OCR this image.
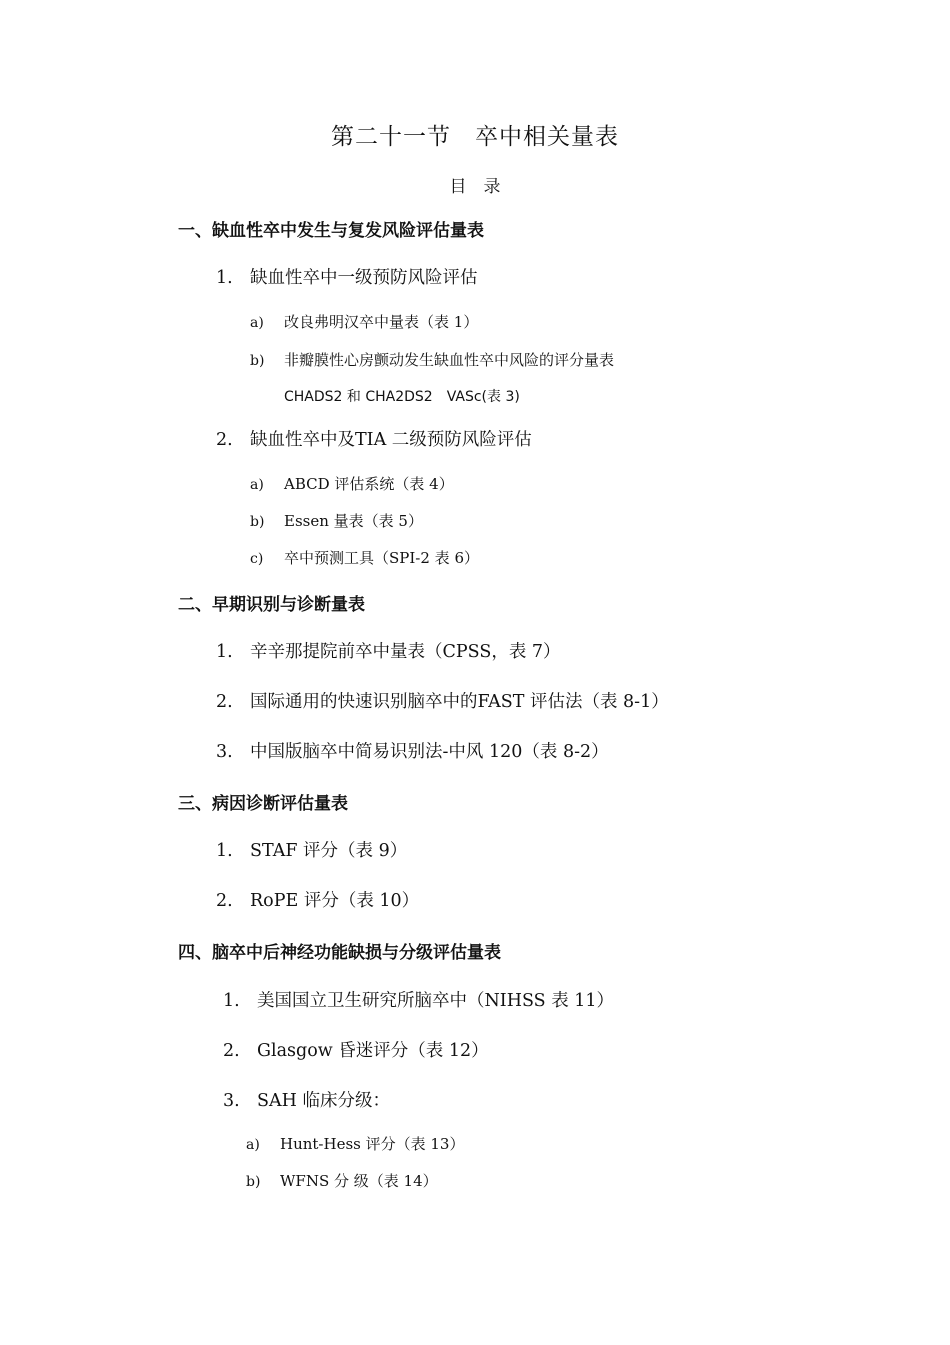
第二十一节　卒中相关量表
目　录
一、缺血性卒中发生与复发风险评估量表
1. 缺血性卒中一级预防风险评估
a) 改良弗明汉卒中量表（表 1）
b) 非瓣膜性心房颤动发生缺血性卒中风险的评分量表
CHADS2 和 CHA2DS2　VASc(表 3)
2. 缺血性卒中及TIA 二级预防风险评估
a) ABCD 评估系统（表 4）
b) Essen 量表（表 5）
c) 卒中预测工具（SPI-2 表 6）
二、早期识别与诊断量表
1. 辛辛那提院前卒中量表（CPSS，表 7）
2. 国际通用的快速识别脑卒中的FAST 评估法（表 8-1）
3. 中国版脑卒中简易识别法-中风 120（表 8-2）
三、病因诊断评估量表
1. STAF 评分（表 9）
2. RoPE 评分（表 10）
四、脑卒中后神经功能缺损与分级评估量表
1. 美国国立卫生研究所脑卒中（NIHSS 表 11）
2. Glasgow 昏迷评分（表 12）
3. SAH 临床分级：
a) Hunt-Hess 评分（表 13）
b) WFNS 分 级（表 14）
